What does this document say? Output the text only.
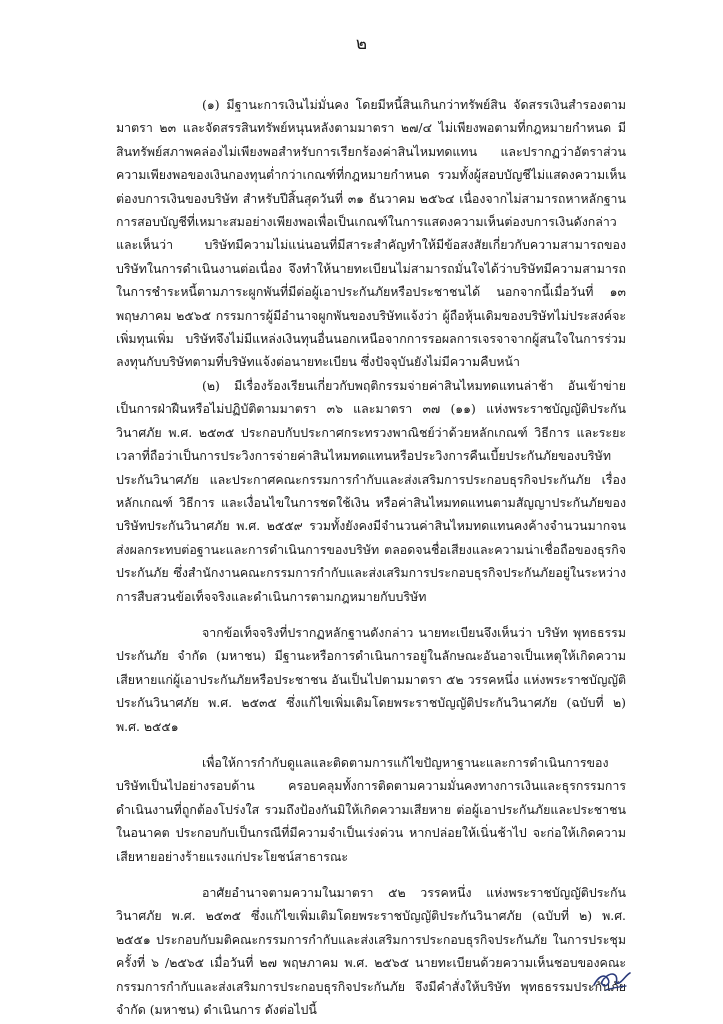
๒

(๑) มีฐานะการเงินไม่มั่นคง โดยมีหนี้สินเกินกว่าทรัพย์สิน จัดสรรเงินสำรองตามมาตรา ๒๓ และจัดสรรสินทรัพย์หนุนหลังตามมาตรา ๒๗/๔ ไม่เพียงพอตามที่กฎหมายกำหนด มีสินทรัพย์สภาพคล่องไม่เพียงพอสำหรับการเรียกร้องค่าสินไหมทดแทน และปรากฏว่าอัตราส่วนความเพียงพอของเงินกองทุนต่ำกว่าเกณฑ์ที่กฎหมายกำหนด รวมทั้งผู้สอบบัญชีไม่แสดงความเห็นต่องบการเงินของบริษัท สำหรับปีสิ้นสุดวันที่ ๓๑ ธันวาคม ๒๕๖๔ เนื่องจากไม่สามารถหาหลักฐานการสอบบัญชีที่เหมาะสมอย่างเพียงพอเพื่อเป็นเกณฑ์ในการแสดงความเห็นต่องบการเงินดังกล่าว และเห็นว่า บริษัทมีความไม่แน่นอนที่มีสาระสำคัญทำให้มีข้อสงสัยเกี่ยวกับความสามารถของบริษัทในการดำเนินงานต่อเนื่อง จึงทำให้นายทะเบียนไม่สามารถมั่นใจได้ว่าบริษัทมีความสามารถในการชำระหนี้ตามภาระผูกพันที่มีต่อผู้เอาประกันภัยหรือประชาชนได้ นอกจากนี้เมื่อวันที่ ๑๓ พฤษภาคม ๒๕๖๕ กรรมการผู้มีอำนาจผูกพันของบริษัทแจ้งว่า ผู้ถือหุ้นเดิมของบริษัทไม่ประสงค์จะเพิ่มทุนเพิ่ม บริษัทจึงไม่มีแหล่งเงินทุนอื่นนอกเหนือจากการรอผลการเจรจาจากผู้สนใจในการร่วมลงทุนกับบริษัทตามที่บริษัทแจ้งต่อนายทะเบียน ซึ่งปัจจุบันยังไม่มีความคืบหน้า

(๒) มีเรื่องร้องเรียนเกี่ยวกับพฤติกรรมจ่ายค่าสินไหมทดแทนล่าช้า อันเข้าข่ายเป็นการฝ่าฝืนหรือไม่ปฏิบัติตามมาตรา ๓๖ และมาตรา ๓๗ (๑๑) แห่งพระราชบัญญัติประกันวินาศภัย พ.ศ. ๒๕๓๕ ประกอบกับประกาศกระทรวงพาณิชย์ว่าด้วยหลักเกณฑ์ วิธีการ และระยะเวลาที่ถือว่าเป็นการประวิงการจ่ายค่าสินไหมทดแทนหรือประวิงการคืนเบี้ยประกันภัยของบริษัทประกันวินาศภัย และประกาศคณะกรรมการกำกับและส่งเสริมการประกอบธุรกิจประกันภัย เรื่อง หลักเกณฑ์ วิธีการ และเงื่อนไขในการชดใช้เงิน หรือค่าสินไหมทดแทนตามสัญญาประกันภัยของบริษัทประกันวินาศภัย พ.ศ. ๒๕๕๙ รวมทั้งยังคงมีจำนวนค่าสินไหมทดแทนคงค้างจำนวนมากจนส่งผลกระทบต่อฐานะและการดำเนินการของบริษัท ตลอดจนชื่อเสียงและความน่าเชื่อถือของธุรกิจประกันภัย ซึ่งสำนักงานคณะกรรมการกำกับและส่งเสริมการประกอบธุรกิจประกันภัยอยู่ในระหว่างการสืบสวนข้อเท็จจริงและดำเนินการตามกฎหมายกับบริษัท

จากข้อเท็จจริงที่ปรากฏหลักฐานดังกล่าว นายทะเบียนจึงเห็นว่า บริษัท พุทธธรรมประกันภัย จำกัด (มหาชน) มีฐานะหรือการดำเนินการอยู่ในลักษณะอันอาจเป็นเหตุให้เกิดความเสียหายแก่ผู้เอาประกันภัยหรือประชาชน อันเป็นไปตามมาตรา ๕๒ วรรคหนึ่ง แห่งพระราชบัญญัติประกันวินาศภัย พ.ศ. ๒๕๓๕ ซึ่งแก้ไขเพิ่มเติมโดยพระราชบัญญัติประกันวินาศภัย (ฉบับที่ ๒) พ.ศ. ๒๕๕๑

เพื่อให้การกำกับดูแลและติดตามการแก้ไขปัญหาฐานะและการดำเนินการของบริษัทเป็นไปอย่างรอบด้าน ครอบคลุมทั้งการติดตามความมั่นคงทางการเงินและธุรกรรมการดำเนินงานที่ถูกต้องโปร่งใส รวมถึงป้องกันมิให้เกิดความเสียหาย ต่อผู้เอาประกันภัยและประชาชนในอนาคต ประกอบกับเป็นกรณีที่มีความจำเป็นเร่งด่วน หากปล่อยให้เนิ่นช้าไป จะก่อให้เกิดความเสียหายอย่างร้ายแรงแก่ประโยชน์สาธารณะ

อาศัยอำนาจตามความในมาตรา ๕๒ วรรคหนึ่ง แห่งพระราชบัญญัติประกันวินาศภัย พ.ศ. ๒๕๓๕ ซึ่งแก้ไขเพิ่มเติมโดยพระราชบัญญัติประกันวินาศภัย (ฉบับที่ ๒) พ.ศ. ๒๕๕๑ ประกอบกับมติคณะกรรมการกำกับและส่งเสริมการประกอบธุรกิจประกันภัย ในการประชุมครั้งที่ ๖ /๒๕๖๕ เมื่อวันที่ ๒๗ พฤษภาคม พ.ศ. ๒๕๖๕ นายทะเบียนด้วยความเห็นชอบของคณะกรรมการกำกับและส่งเสริมการประกอบธุรกิจประกันภัย จึงมีคำสั่งให้บริษัท พุทธธรรมประกันภัย จำกัด (มหาชน) ดำเนินการ ดังต่อไปนี้
